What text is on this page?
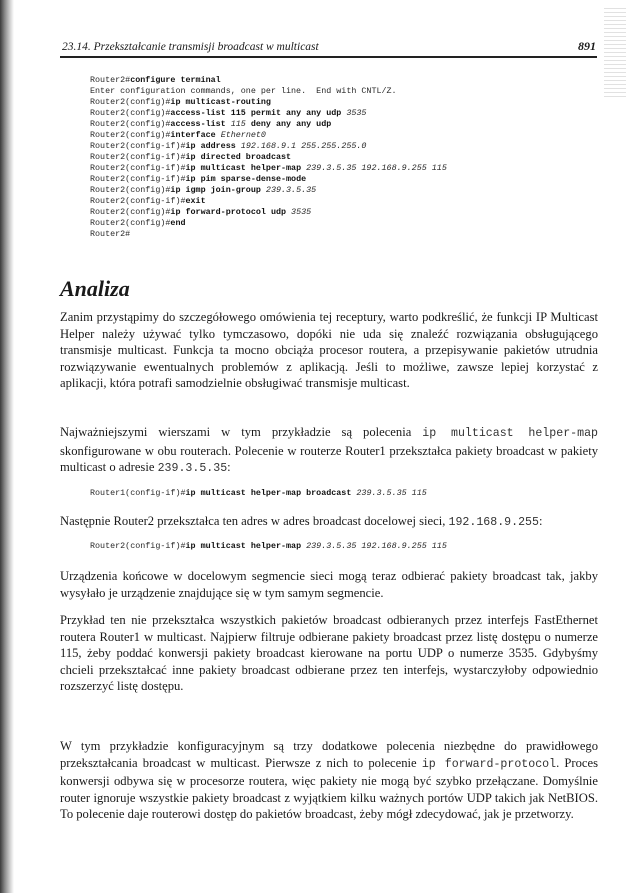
23.14. Przekształcanie transmisji broadcast w multicast	891
Router2#configure terminal
Enter configuration commands, one per line.  End with CNTL/Z.
Router2(config)#ip multicast-routing
Router2(config)#access-list 115 permit any any udp 3535
Router2(config)#access-list 115 deny any any udp
Router2(config)#interface Ethernet0
Router2(config-if)#ip address 192.168.9.1 255.255.255.0
Router2(config-if)#ip directed broadcast
Router2(config-if)#ip multicast helper-map 239.3.5.35 192.168.9.255 115
Router2(config-if)#ip pim sparse-dense-mode
Router2(config)#ip igmp join-group 239.3.5.35
Router2(config-if)#exit
Router2(config)#ip forward-protocol udp 3535
Router2(config)#end
Router2#
Analiza

Zanim przystąpimy do szczegółowego omówienia tej receptury, warto podkreślić, że funkcji IP Multicast Helper należy używać tylko tymczasowo, dopóki nie uda się znaleźć rozwiązania obsługującego transmisje multicast. Funkcja ta mocno obciąża procesor routera, a przepisywanie pakietów utrudnia rozwiązywanie ewentualnych problemów z aplikacją. Jeśli to możliwe, zawsze lepiej korzystać z aplikacji, która potrafi samodzielnie obsługiwać transmisje multicast.

Najważniejszymi wierszami w tym przykładzie są polecenia ip multicast helper-map skonfigurowane w obu routerach. Polecenie w routerze Router1 przekształca pakiety broadcast w pakiety multicast o adresie 239.3.5.35:

Router1(config-if)#ip multicast helper-map broadcast 239.3.5.35 115

Następnie Router2 przekształca ten adres w adres broadcast docelowej sieci, 192.168.9.255:

Router2(config-if)#ip multicast helper-map 239.3.5.35 192.168.9.255 115

Urządzenia końcowe w docelowym segmencie sieci mogą teraz odbierać pakiety broadcast tak, jakby wysyłało je urządzenie znajdujące się w tym samym segmencie.

Przykład ten nie przekształca wszystkich pakietów broadcast odbieranych przez interfejs FastEthernet routera Router1 w multicast. Najpierw filtruje odbierane pakiety broadcast przez listę dostępu o numerze 115, żeby poddać konwersji pakiety broadcast kierowane na portu UDP o numerze 3535. Gdybyśmy chcieli przekształcać inne pakiety broadcast odbierane przez ten interfejs, wystarczyłoby odpowiednio rozszerzyć listę dostępu.

W tym przykładzie konfiguracyjnym są trzy dodatkowe polecenia niezbędne do prawidłowego przekształcania broadcast w multicast. Pierwsze z nich to polecenie ip forward-protocol. Proces konwersji odbywa się w procesorze routera, więc pakiety nie mogą być szybko przełączane. Domyślnie router ignoruje wszystkie pakiety broadcast z wyjątkiem kilku ważnych portów UDP takich jak NetBIOS. To polecenie daje routerowi dostęp do pakietów broadcast, żeby mógł zdecydować, jak je przetworzy.
